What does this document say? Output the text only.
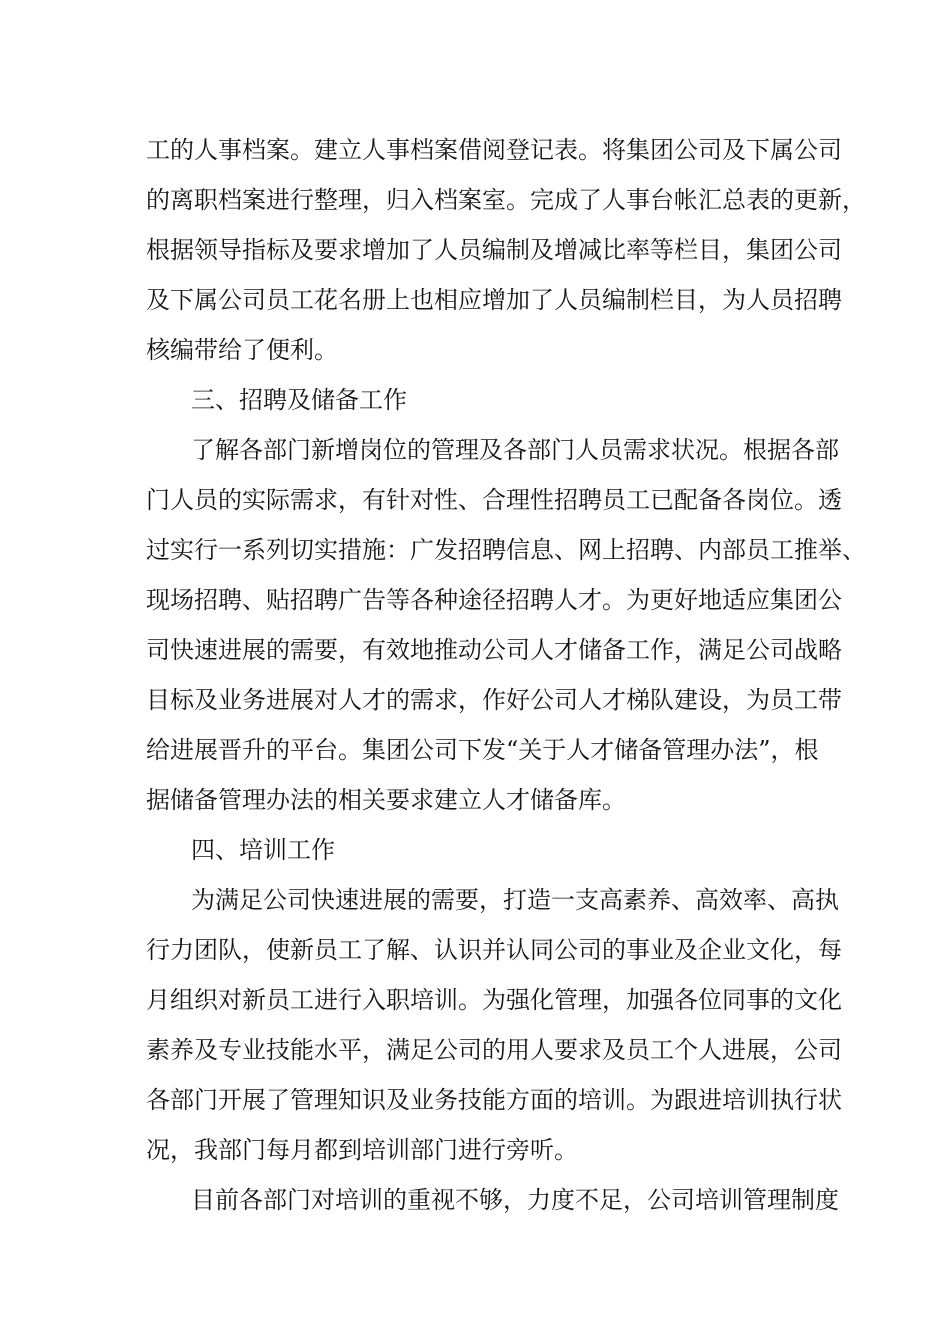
工的人事档案。建立人事档案借阅登记表。将集团公司及下属公司
的离职档案进行整理，归入档案室。完成了人事台帐汇总表的更新，
根据领导指标及要求增加了人员编制及增减比率等栏目，集团公司
及下属公司员工花名册上也相应增加了人员编制栏目，为人员招聘
核编带给了便利。
三、招聘及储备工作
了解各部门新增岗位的管理及各部门人员需求状况。根据各部
门人员的实际需求，有针对性、合理性招聘员工已配备各岗位。透
过实行一系列切实措施：广发招聘信息、网上招聘、内部员工推举、
现场招聘、贴招聘广告等各种途径招聘人才。为更好地适应集团公
司快速进展的需要，有效地推动公司人才储备工作，满足公司战略
目标及业务进展对人才的需求，作好公司人才梯队建设，为员工带
给进展晋升的平台。集团公司下发“关于人才储备管理办法”，根
据储备管理办法的相关要求建立人才储备库。
四、培训工作
为满足公司快速进展的需要，打造一支高素养、高效率、高执
行力团队，使新员工了解、认识并认同公司的事业及企业文化，每
月组织对新员工进行入职培训。为强化管理，加强各位同事的文化
素养及专业技能水平，满足公司的用人要求及员工个人进展，公司
各部门开展了管理知识及业务技能方面的培训。为跟进培训执行状
况，我部门每月都到培训部门进行旁听。
目前各部门对培训的重视不够，力度不足，公司培训管理制度
